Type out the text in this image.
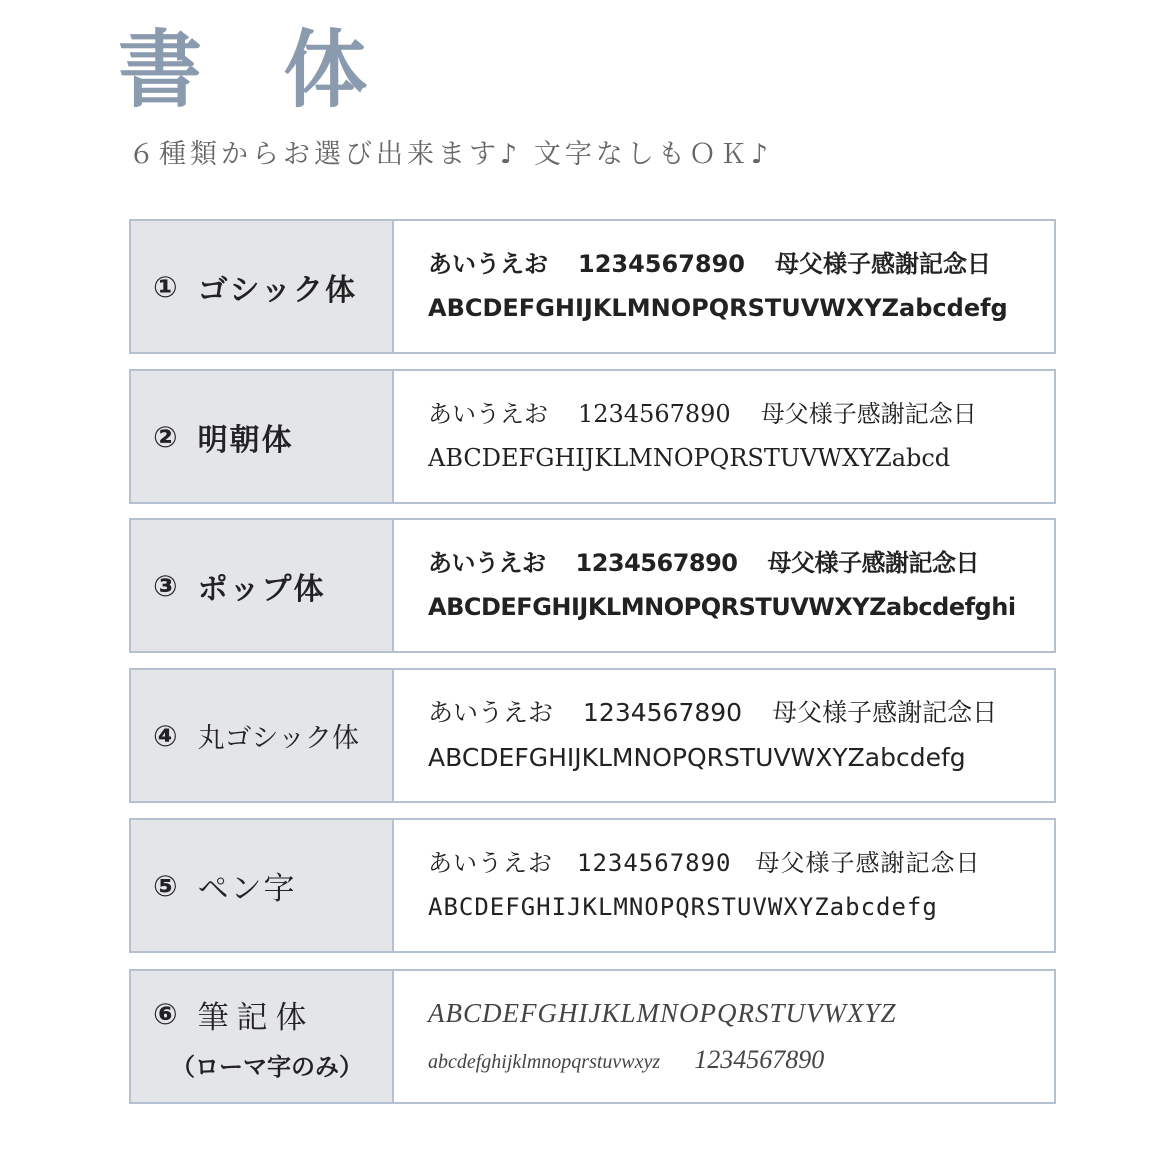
書 体
６種類からお選び出来ます♪ 文字なしもＯＫ♪
① ゴシック体
あいうえお 1234567890 母父様子感謝記念日
ABCDEFGHIJKLMNOPQRSTUVWXYZabcdefg
② 明朝体
あいうえお 1234567890 母父様子感謝記念日
ABCDEFGHIJKLMNOPQRSTUVWXYZabcd
③ ポップ体
あいうえお 1234567890 母父様子感謝記念日
ABCDEFGHIJKLMNOPQRSTUVWXYZabcdefghi
④ 丸ゴシック体
あいうえお 1234567890 母父様子感謝記念日
ABCDEFGHIJKLMNOPQRSTUVWXYZabcdefg
⑤ ペン字
あいうえお 1234567890 母父様子感謝記念日
ABCDEFGHIJKLMNOPQRSTUVWXYZabcdefg
⑥ 筆記体
（ローマ字のみ）
ABCDEFGHIJKLMNOPQRSTUVWXYZ
abcdefghijklmnopqrstuvwxyz 1234567890
